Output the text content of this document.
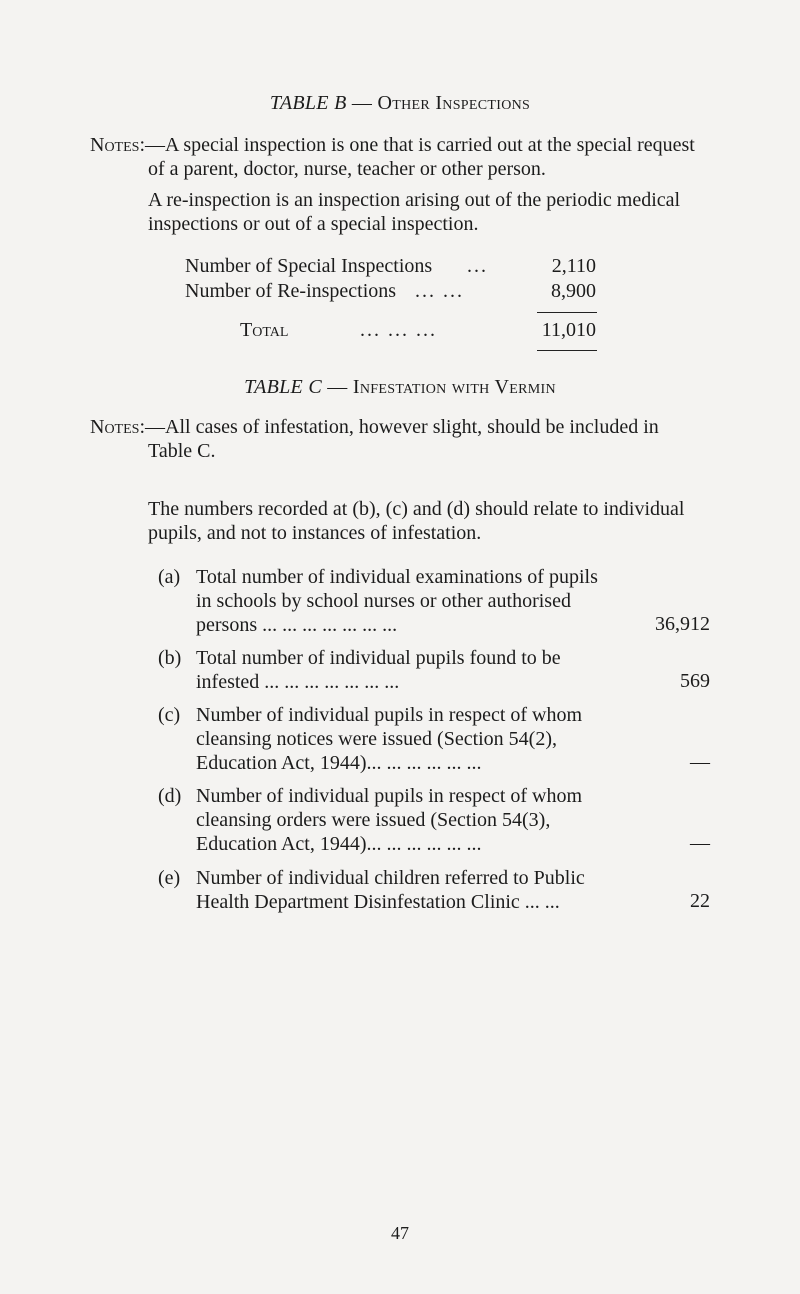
TABLE B — Other Inspections
Notes:—A special inspection is one that is carried out at the special request
of a parent, doctor, nurse, teacher or other person.
A re-inspection is an inspection arising out of the periodic medical
inspections or out of a special inspection.
Number of Special Inspections ...	2,110
Number of Re-inspections ... ...	8,900
Total	... ... ...	11,010
TABLE C — Infestation with Vermin
Notes:—All cases of infestation, however slight, should be included in
Table C.
The numbers recorded at (b), (c) and (d) should relate to individual
pupils, and not to instances of infestation.
(a) Total number of individual examinations of pupils
in schools by school nurses or other authorised
persons ... ... ... ... ... ... ...	36,912
(b) Total number of individual pupils found to be
infested ... ... ... ... ... ... ...	569
(c) Number of individual pupils in respect of whom
cleansing notices were issued (Section 54(2),
Education Act, 1944)... ... ... ... ... ...	—
(d) Number of individual pupils in respect of whom
cleansing orders were issued (Section 54(3),
Education Act, 1944)... ... ... ... ... ...	—
(e) Number of individual children referred to Public
Health Department Disinfestation Clinic ... ...	22
47
